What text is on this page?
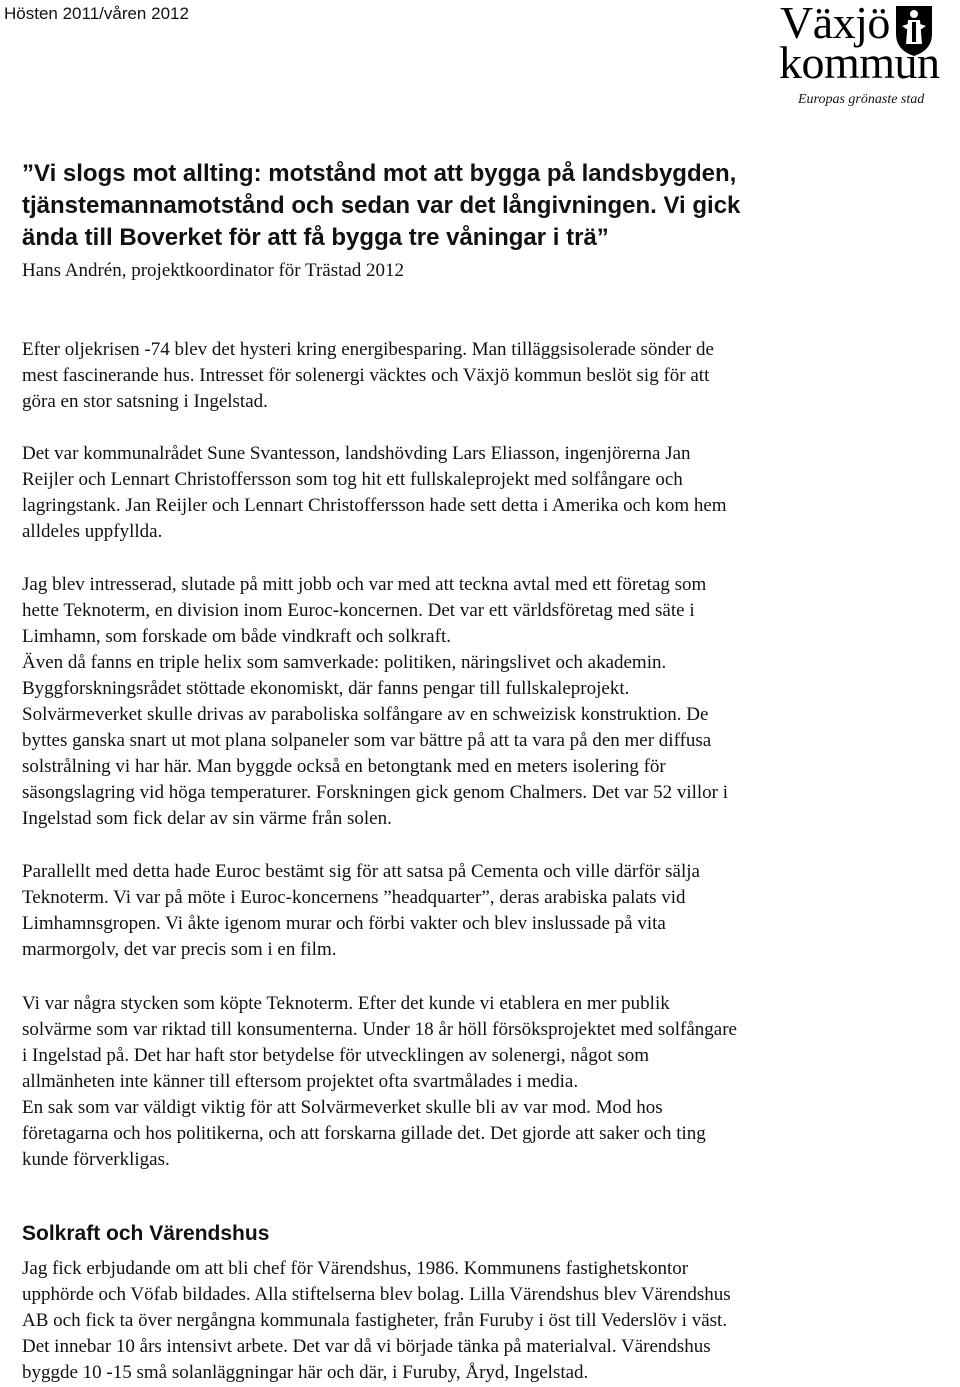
Hösten 2011/våren 2012	Växjö
kommun
Europas grönaste stad
”Vi slogs mot allting: motstånd mot att bygga på landsbygden,
tjänstemannamotstånd och sedan var det långivningen. Vi gick
ända till Boverket för att få bygga tre våningar i trä”

Hans Andrén, projektkoordinator för Trästad 2012

Efter oljekrisen -74 blev det hysteri kring energibesparing. Man tilläggsisolerade sönder de
mest fascinerande hus. Intresset för solenergi väcktes och Växjö kommun beslöt sig för att
göra en stor satsning i Ingelstad.

Det var kommunalrådet Sune Svantesson, landshövding Lars Eliasson, ingenjörerna Jan
Reijler och Lennart Christoffersson som tog hit ett fullskaleprojekt med solfångare och
lagringstank. Jan Reijler och Lennart Christoffersson hade sett detta i Amerika och kom hem
alldeles uppfyllda.

Jag blev intresserad, slutade på mitt jobb och var med att teckna avtal med ett företag som
hette Teknoterm, en division inom Euroc-koncernen. Det var ett världsföretag med säte i
Limhamn, som forskade om både vindkraft och solkraft.
Även då fanns en triple helix som samverkade: politiken, näringslivet och akademin.
Byggforskningsrådet stöttade ekonomiskt, där fanns pengar till fullskaleprojekt.
Solvärmeverket skulle drivas av paraboliska solfångare av en schweizisk konstruktion. De
byttes ganska snart ut mot plana solpaneler som var bättre på att ta vara på den mer diffusa
solstrålning vi har här. Man byggde också en betongtank med en meters isolering för
säsongslagring vid höga temperaturer. Forskningen gick genom Chalmers. Det var 52 villor i
Ingelstad som fick delar av sin värme från solen.

Parallellt med detta hade Euroc bestämt sig för att satsa på Cementa och ville därför sälja
Teknoterm. Vi var på möte i Euroc-koncernens ”headquarter”, deras arabiska palats vid
Limhamnsgropen. Vi åkte igenom murar och förbi vakter och blev inslussade på vita
marmorgolv, det var precis som i en film.

Vi var några stycken som köpte Teknoterm. Efter det kunde vi etablera en mer publik
solvärme som var riktad till konsumenterna. Under 18 år höll försöksprojektet med solfångare
i Ingelstad på. Det har haft stor betydelse för utvecklingen av solenergi, något som
allmänheten inte känner till eftersom projektet ofta svartmålades i media.
En sak som var väldigt viktig för att Solvärmeverket skulle bli av var mod. Mod hos
företagarna och hos politikerna, och att forskarna gillade det. Det gjorde att saker och ting
kunde förverkligas.

Solkraft och Värendshus

Jag fick erbjudande om att bli chef för Värendshus, 1986. Kommunens fastighetskontor
upphörde och Vöfab bildades. Alla stiftelserna blev bolag. Lilla Värendshus blev Värendshus
AB och fick ta över nergångna kommunala fastigheter, från Furuby i öst till Vederslöv i väst.
Det innebar 10 års intensivt arbete. Det var då vi började tänka på materialval. Värendshus
byggde 10 -15 små solanläggningar här och där, i Furuby, Åryd, Ingelstad.
